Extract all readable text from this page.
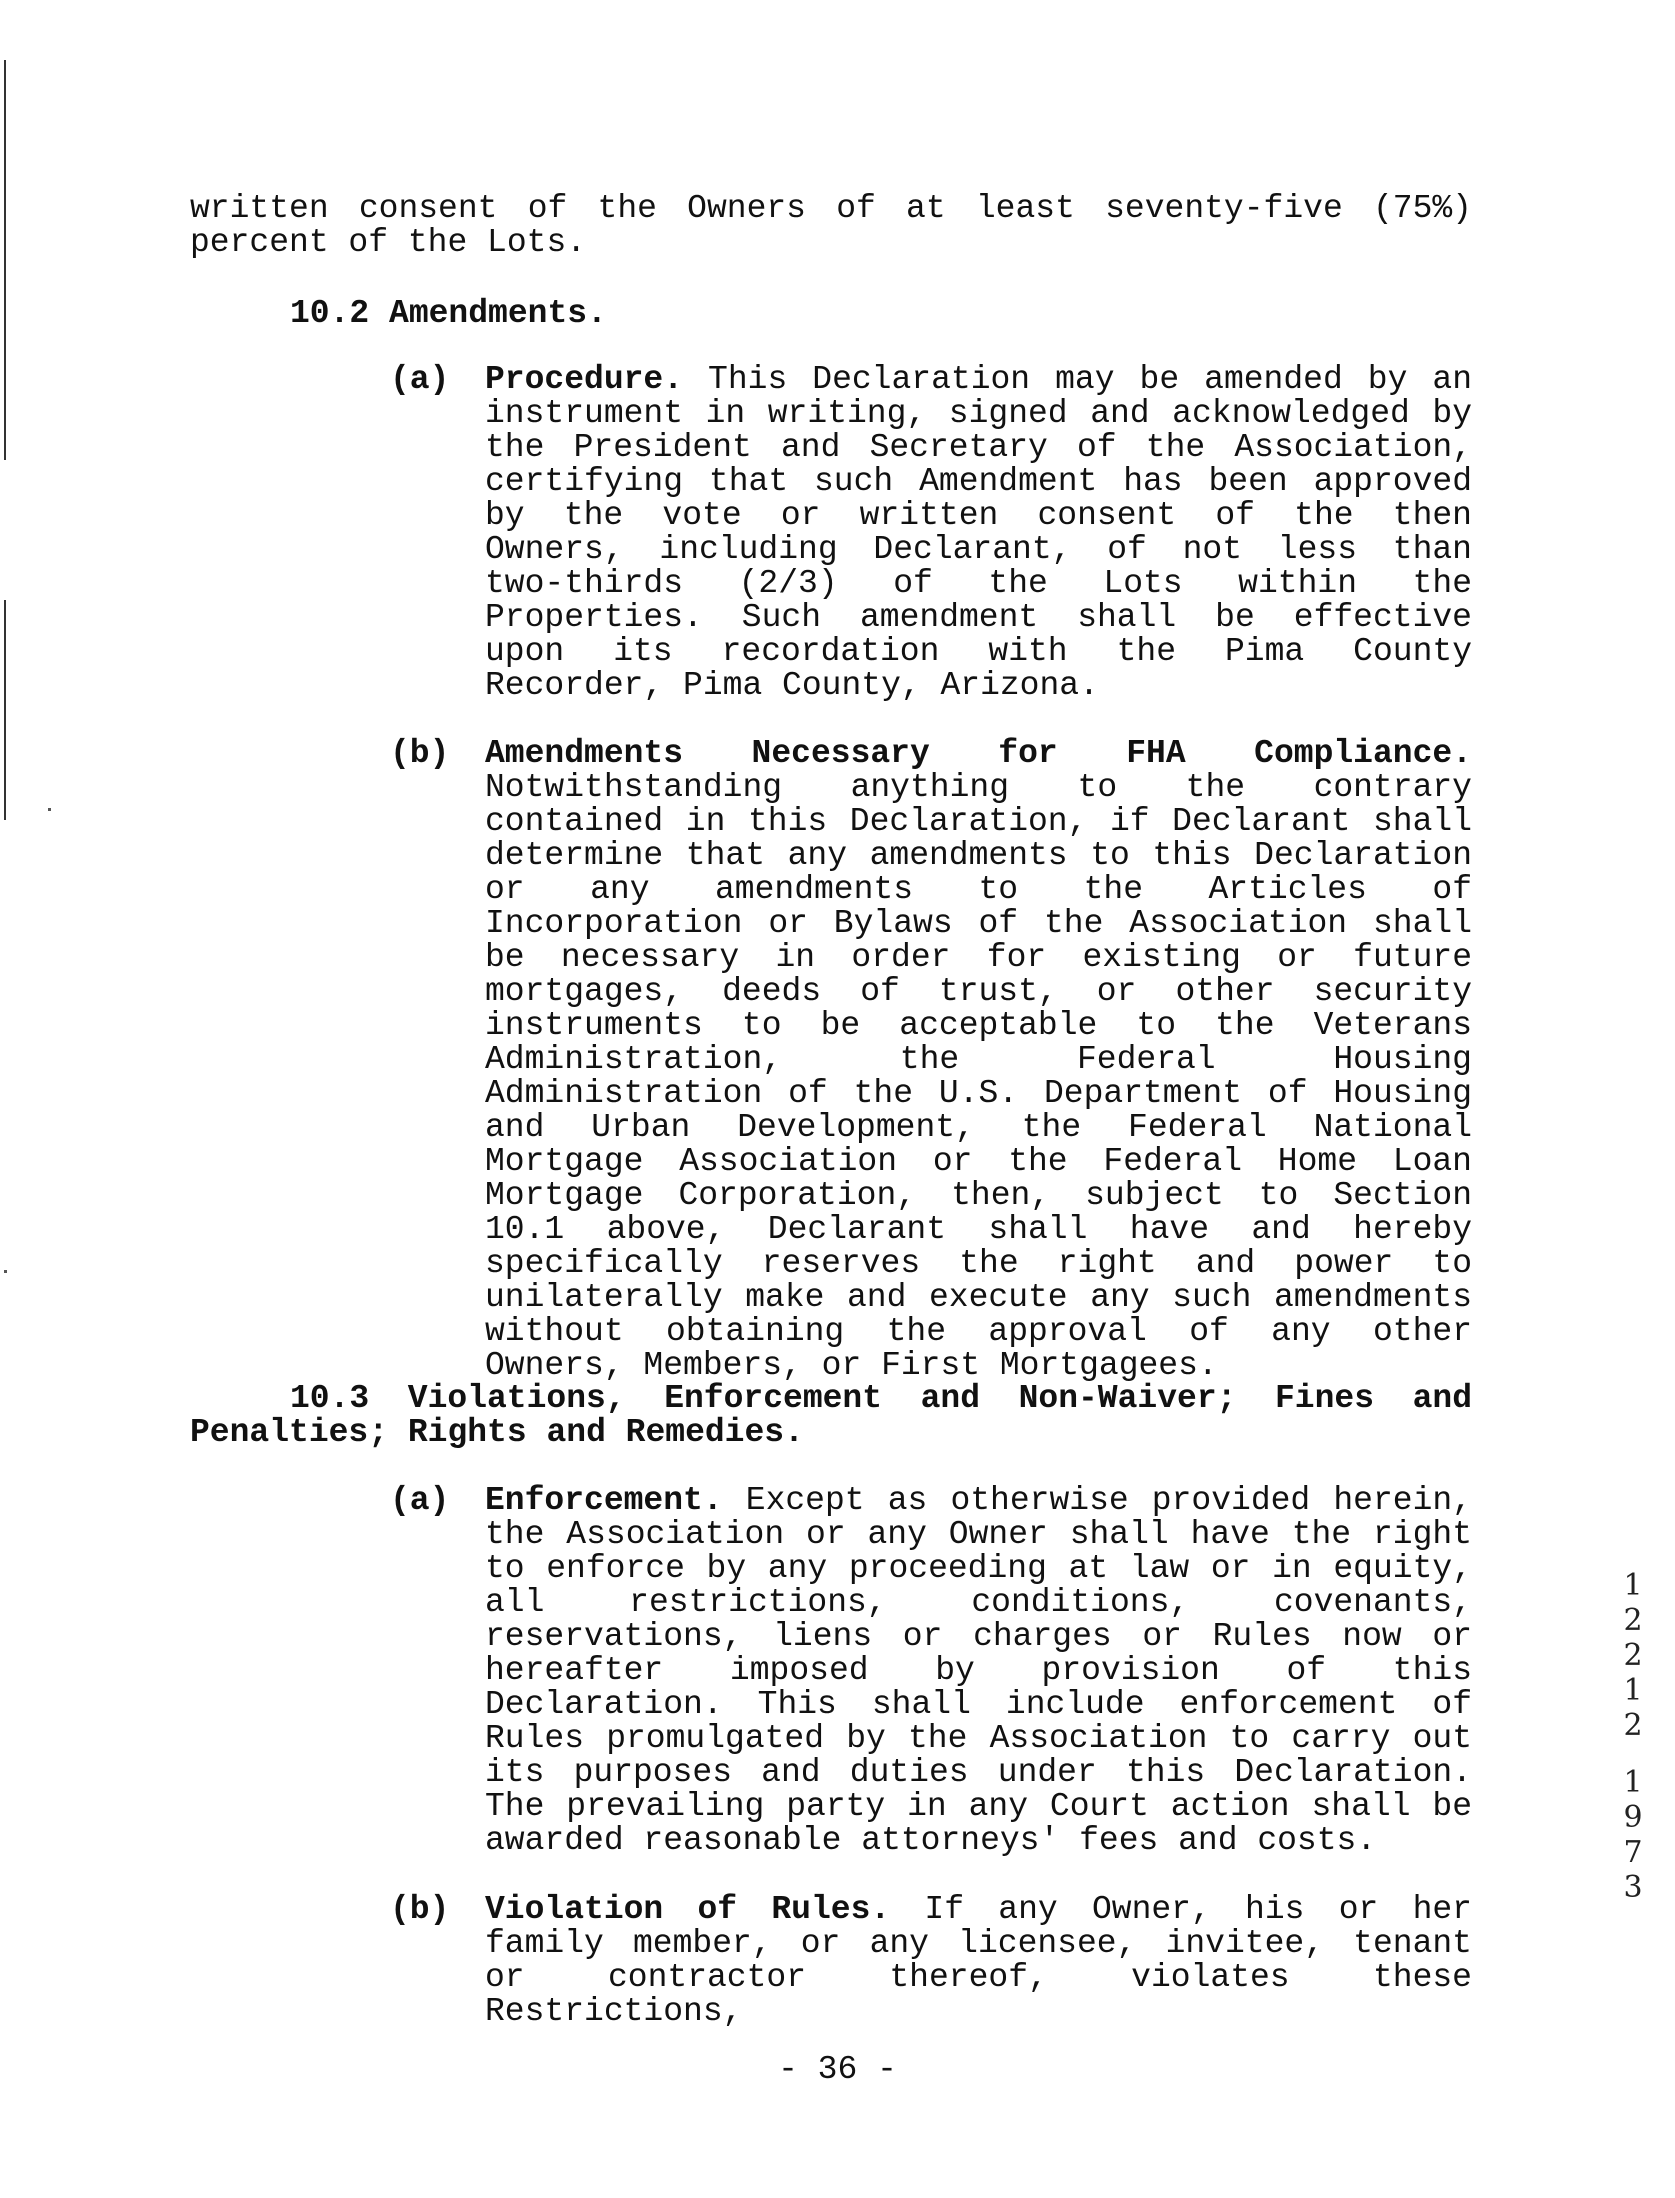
written consent of the Owners of at least seventy-five (75%) percent of the Lots.
10.2 Amendments.
(a) Procedure. This Declaration may be amended by an instrument in writing, signed and acknowledged by the President and Secretary of the Association, certifying that such Amendment has been approved by the vote or written consent of the then Owners, including Declarant, of not less than two-thirds (2/3) of the Lots within the Properties. Such amendment shall be effective upon its recordation with the Pima County Recorder, Pima County, Arizona.
(b) Amendments Necessary for FHA Compliance. Notwithstanding anything to the contrary contained in this Declaration, if Declarant shall determine that any amendments to this Declaration or any amendments to the Articles of Incorporation or Bylaws of the Association shall be necessary in order for existing or future mortgages, deeds of trust, or other security instruments to be acceptable to the Veterans Administration, the Federal Housing Administration of the U.S. Department of Housing and Urban Development, the Federal National Mortgage Association or the Federal Home Loan Mortgage Corporation, then, subject to Section 10.1 above, Declarant shall have and hereby specifically reserves the right and power to unilaterally make and execute any such amendments without obtaining the approval of any other Owners, Members, or First Mortgagees.
10.3 Violations, Enforcement and Non-Waiver; Fines and Penalties; Rights and Remedies.
(a) Enforcement. Except as otherwise provided herein, the Association or any Owner shall have the right to enforce by any proceeding at law or in equity, all restrictions, conditions, covenants, reservations, liens or charges or Rules now or hereafter imposed by provision of this Declaration. This shall include enforcement of Rules promulgated by the Association to carry out its purposes and duties under this Declaration. The prevailing party in any Court action shall be awarded reasonable attorneys' fees and costs.
(b) Violation of Rules. If any Owner, his or her family member, or any licensee, invitee, tenant or contractor thereof, violates these Restrictions,
- 36 -
1
2
2
1
2
1
9
7
3
